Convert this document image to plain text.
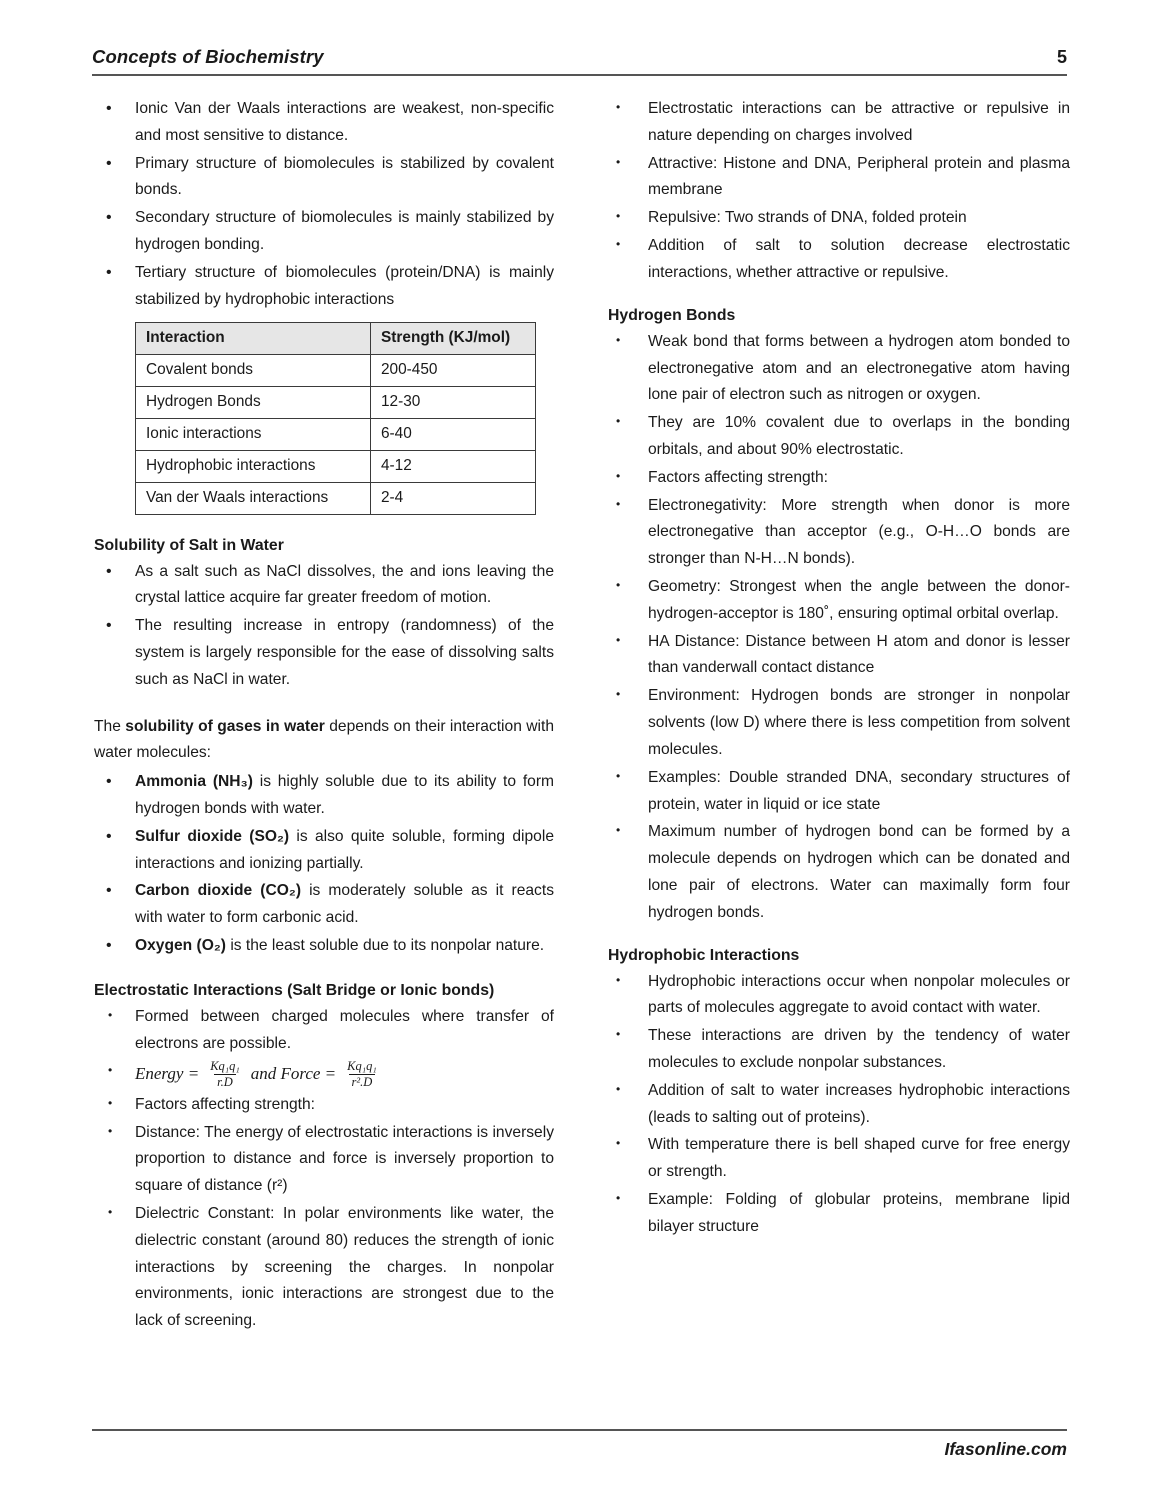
Concepts of Biochemistry	5
• Ionic Van der Waals interactions are weakest, non-specific and most sensitive to distance.
• Primary structure of biomolecules is stabilized by covalent bonds.
• Secondary structure of biomolecules is mainly stabilized by hydrogen bonding.
• Tertiary structure of biomolecules (protein/DNA) is mainly stabilized by hydrophobic interactions
Interaction	Strength (KJ/mol)
Covalent bonds	200-450
Hydrogen Bonds	12-30
Ionic interactions	6-40
Hydrophobic interactions	4-12
Van der Waals interactions	2-4
Solubility of Salt in Water
• As a salt such as NaCl dissolves, the and ions leaving the crystal lattice acquire far greater freedom of motion.
• The resulting increase in entropy (randomness) of the system is largely responsible for the ease of dissolving salts such as NaCl in water.

The solubility of gases in water depends on their interaction with water molecules:

• Ammonia (NH₃) is highly soluble due to its ability to form hydrogen bonds with water.
• Sulfur dioxide (SO₂) is also quite soluble, forming dipole interactions and ionizing partially.
• Carbon dioxide (CO₂) is moderately soluble as it reacts with water to form carbonic acid.
• Oxygen (O₂) is the least soluble due to its nonpolar nature.
Electrostatic Interactions (Salt Bridge or Ionic bonds)
• Formed between charged molecules where transfer of electrons are possible.
• Energy = $\frac{\text{Kq₁q₁}}{r.D}$ and Force = $\frac{\text{Kq₁q₁}}{\text{r².D}}$
• Factors affecting strength:
• Distance: The energy of electrostatic interactions is inversely proportion to distance and force is inversely proportion to square of distance (r²)
• Dielectric Constant: In polar environments like water, the dielectric constant (around 80) reduces the strength of ionic interactions by screening the charges. In nonpolar environments, ionic interactions are strongest due to the lack of screening.
• Electrostatic interactions can be attractive or repulsive in nature depending on charges involved
• Attractive: Histone and DNA, Peripheral protein and plasma membrane
• Repulsive: Two strands of DNA, folded protein
• Addition of salt to solution decrease electrostatic interactions, whether attractive or repulsive.
Hydrogen Bonds
• Weak bond that forms between a hydrogen atom bonded to electronegative atom and an electronegative atom having lone pair of electron such as nitrogen or oxygen.
• They are 10% covalent due to overlaps in the bonding orbitals, and about 90% electrostatic.
• Factors affecting strength:
• Electronegativity: More strength when donor is more electronegative than acceptor (e.g., O-H…O bonds are stronger than N-H…N bonds).
• Geometry: Strongest when the angle between the donor-hydrogen-acceptor is 180˚, ensuring optimal orbital overlap.
• HA Distance: Distance between H atom and donor is lesser than vanderwall contact distance
• Environment: Hydrogen bonds are stronger in nonpolar solvents (low D) where there is less competition from solvent molecules.
• Examples: Double stranded DNA, secondary structures of protein, water in liquid or ice state
• Maximum number of hydrogen bond can be formed by a molecule depends on hydrogen which can be donated and lone pair of electrons. Water can maximally form four hydrogen bonds.
Hydrophobic Interactions
• Hydrophobic interactions occur when nonpolar molecules or parts of molecules aggregate to avoid contact with water.
• These interactions are driven by the tendency of water molecules to exclude nonpolar substances.
• Addition of salt to water increases hydrophobic interactions (leads to salting out of proteins).
• With temperature there is bell shaped curve for free energy or strength.
• Example: Folding of globular proteins, membrane lipid bilayer structure
Ifasonline.com
